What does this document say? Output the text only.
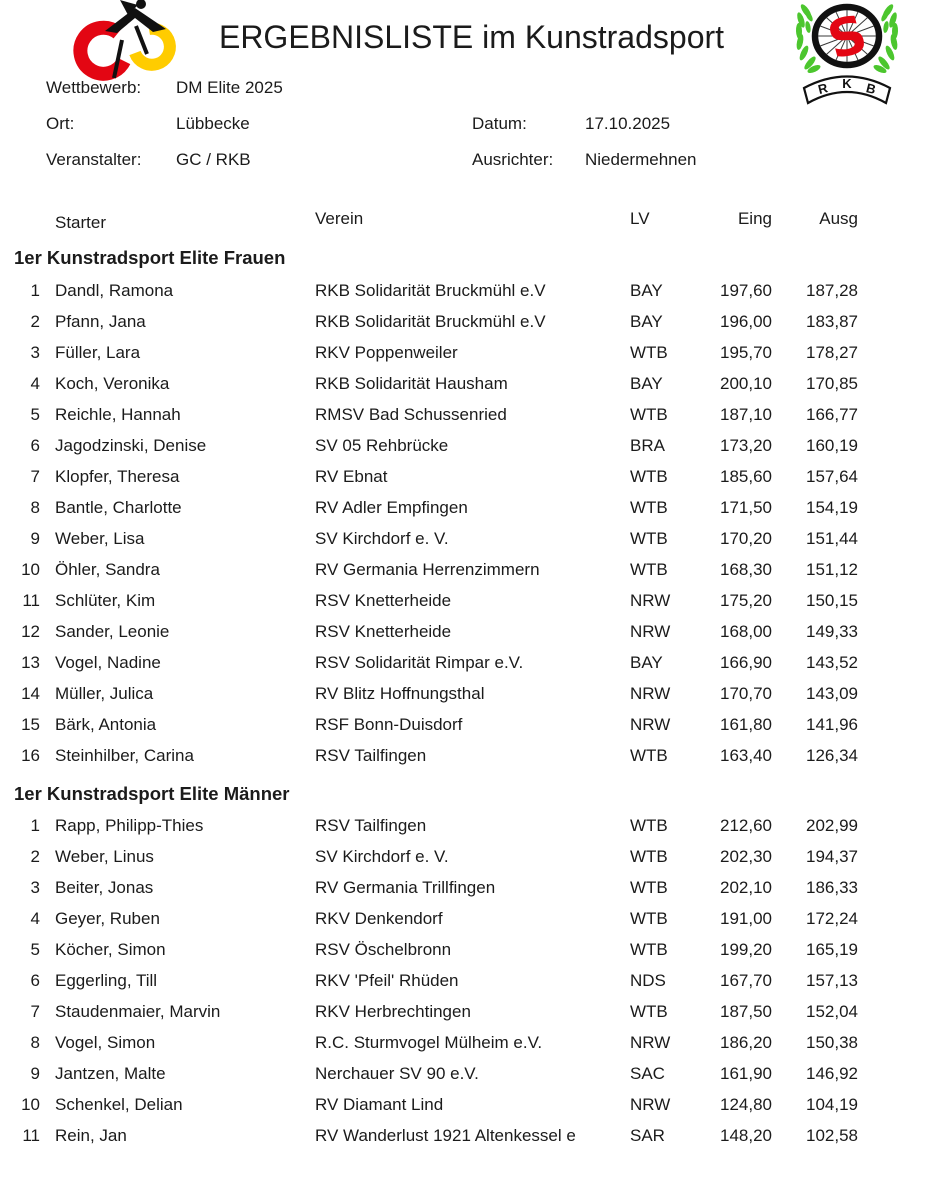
ERGEBNISLISTE im Kunstradsport	S
R K B
Wettbewerb: DM Elite 2025
Ort:	Lübbecke	Datum:	17.10.2025
Veranstalter: GC / RKB	Ausrichter: Niedermehnen
Starter	Verein	LV	Eing	Ausg
1er Kunstradsport Elite Frauen
1 Dandl, Ramona	RKB Solidarität Bruckmühl e.V	BAY	197,60	187,28
2 Pfann, Jana	RKB Solidarität Bruckmühl e.V	BAY	196,00	183,87
3 Füller, Lara	RKV Poppenweiler	WTB	195,70	178,27
4 Koch, Veronika	RKB Solidarität Hausham	BAY	200,10	170,85
5 Reichle, Hannah	RMSV Bad Schussenried	WTB	187,10	166,77
6 Jagodzinski, Denise	SV 05 Rehbrücke	BRA	173,20	160,19
7 Klopfer, Theresa	RV Ebnat	WTB	185,60	157,64
8 Bantle, Charlotte	RV Adler Empfingen	WTB	171,50	154,19
9 Weber, Lisa	SV Kirchdorf e. V.	WTB	170,20	151,44
10 Öhler, Sandra	RV Germania Herrenzimmern	WTB	168,30	151,12
11 Schlüter, Kim	RSV Knetterheide	NRW	175,20	150,15
12 Sander, Leonie	RSV Knetterheide	NRW	168,00	149,33
13 Vogel, Nadine	RSV Solidarität Rimpar e.V.	BAY	166,90	143,52
14 Müller, Julica	RV Blitz Hoffnungsthal	NRW	170,70	143,09
15 Bärk, Antonia	RSF Bonn-Duisdorf	NRW	161,80	141,96
16 Steinhilber, Carina	RSV Tailfingen	WTB	163,40	126,34
1er Kunstradsport Elite Männer
1 Rapp, Philipp-Thies	RSV Tailfingen	WTB	212,60	202,99
2 Weber, Linus	SV Kirchdorf e. V.	WTB	202,30	194,37
3 Beiter, Jonas	RV Germania Trillfingen	WTB	202,10	186,33
4 Geyer, Ruben	RKV Denkendorf	WTB	191,00	172,24
5 Köcher, Simon	RSV Öschelbronn	WTB	199,20	165,19
6 Eggerling, Till	RKV 'Pfeil' Rhüden	NDS	167,70	157,13
7 Staudenmaier, Marvin	RKV Herbrechtingen	WTB	187,50	152,04
8 Vogel, Simon	R.C. Sturmvogel Mülheim e.V.	NRW	186,20	150,38
9 Jantzen, Malte	Nerchauer SV 90 e.V.	SAC	161,90	146,92
10 Schenkel, Delian	RV Diamant Lind	NRW	124,80	104,19
11 Rein, Jan	RV Wanderlust 1921 Altenkessel e	SAR	148,20	102,58
